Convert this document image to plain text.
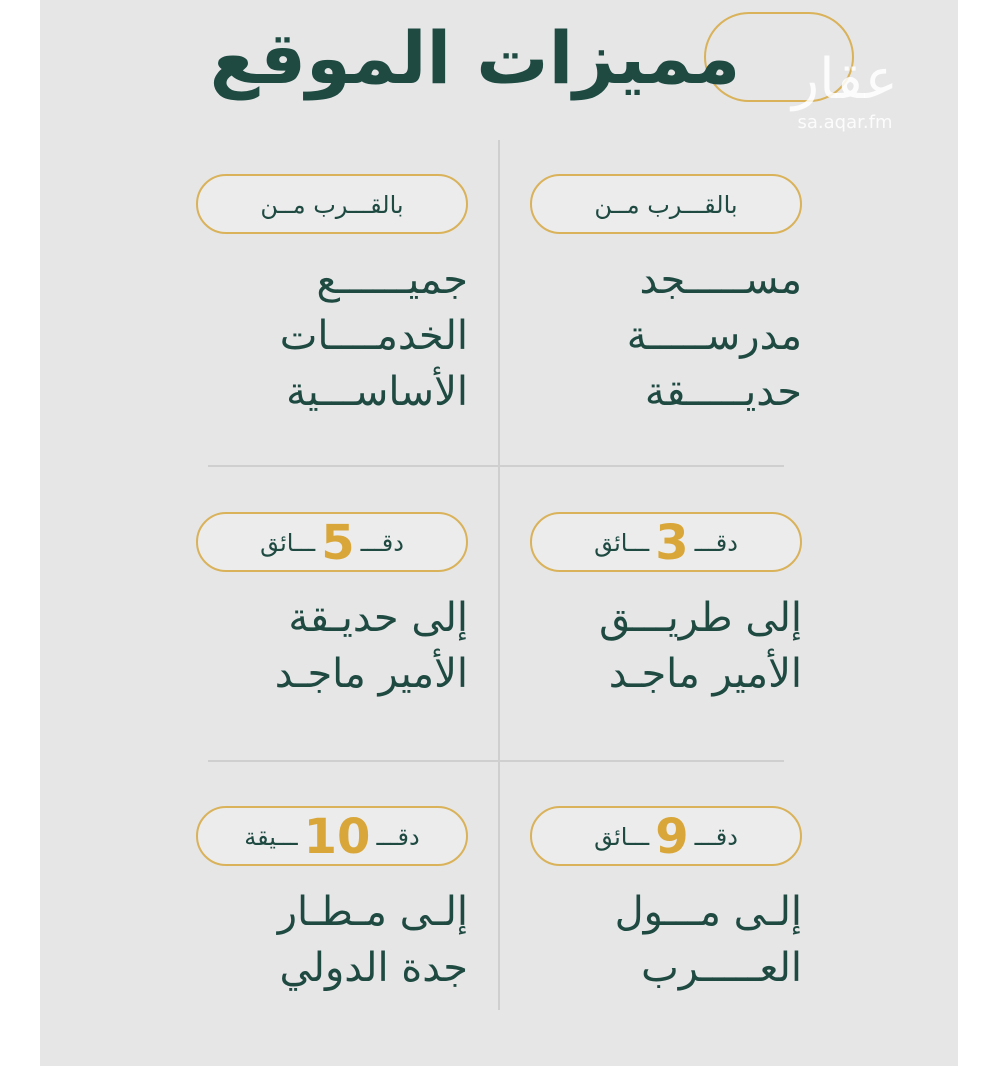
مميزات الموقع عقار
sa.aqar.fm
بالقـــرب مــن
مســـــجد
مدرســـــة
حديـــــقة
بالقـــرب مــن
جميــــــع
الخدمــــات
الأساســـية
دقـــ3ـــائق
إلى طريـــق
الأمير ماجـد
دقـــ5ـــائق
إلى حديـقة
الأمير ماجـد
دقـــ9ـــائق
إلـى مـــول
العـــــرب
دقـــ10ـــيقة
إلـى مـطـار
جدة الدولي
